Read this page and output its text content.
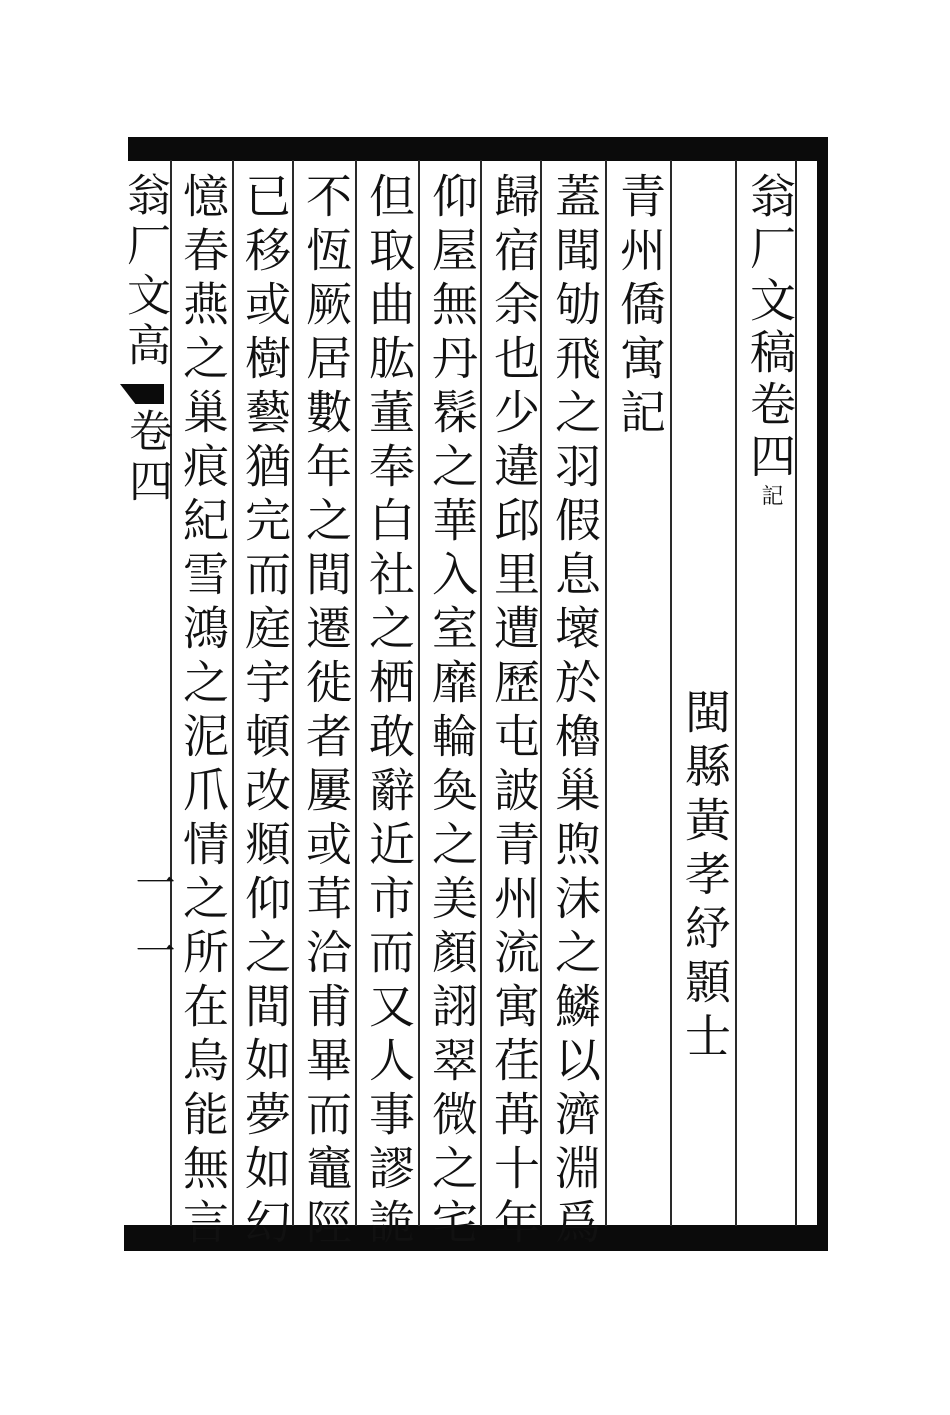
翁厂文稿卷四記
閩縣黃孝紓顥士
青州僑寓記
蓋聞劬飛之羽假息壞於櫓巢煦沫之鱗以濟淵爲
歸宿余也少違邱里遭歷屯詖青州流寓荏苒十年
仰屋無丹髹之華入室靡輪奐之美顏詡翠微之宅
但取曲肱董奉白社之栖敢辭近市而又人事謬詭
不恆厥居數年之間遷徙者屢或茸洽甫畢而竈陘
已移或樹藝猶完而庭宇頓改頫仰之間如夢如幻
憶春燕之巢痕紀雪鴻之泥爪情之所在烏能無言
翁厂文高
卷四
一一
